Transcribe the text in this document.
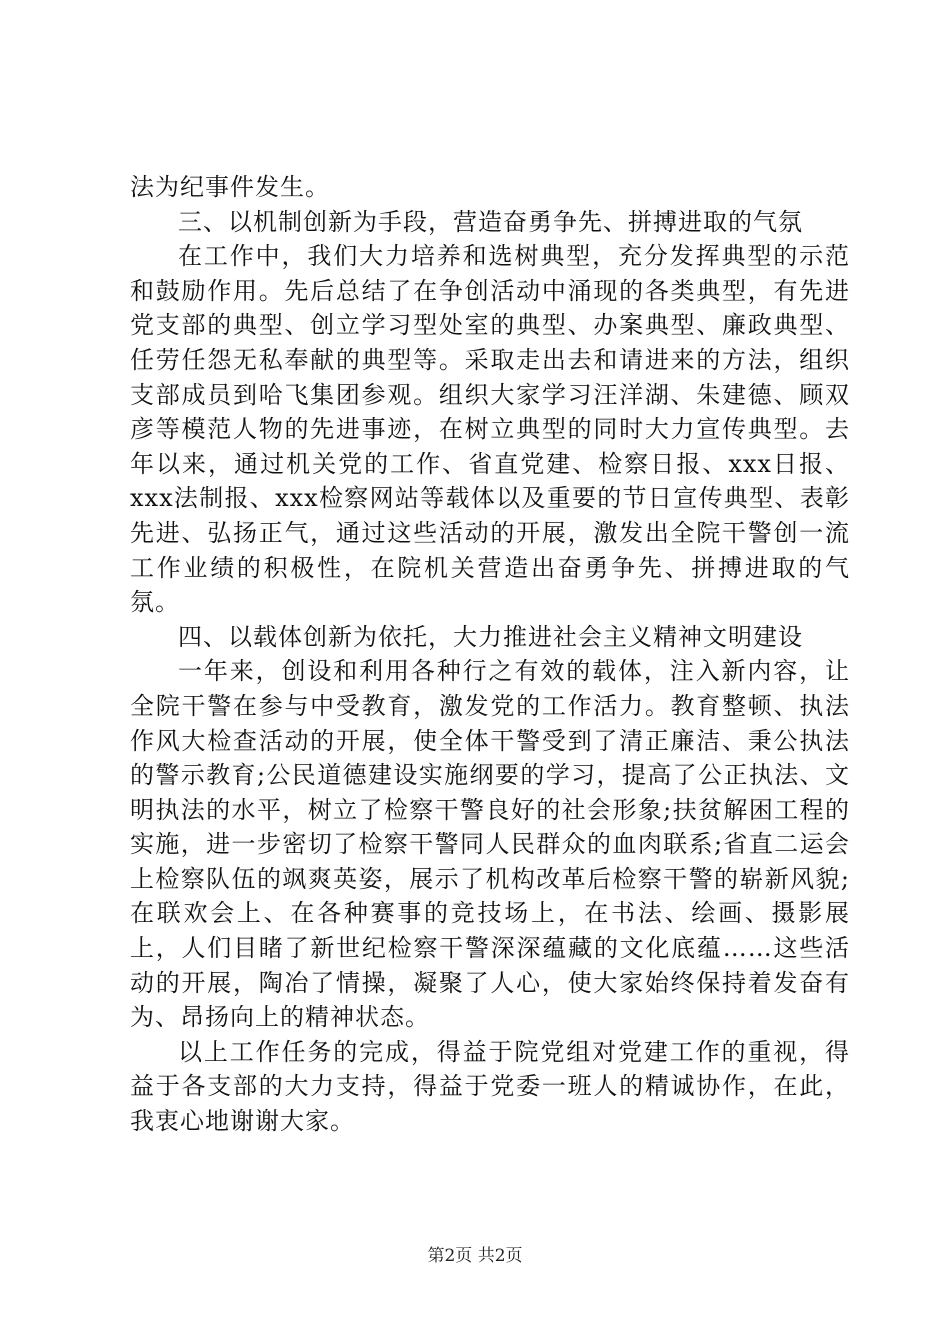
法为纪事件发生。

三、以机制创新为手段，营造奋勇争先、拼搏进取的气氛

在工作中，我们大力培养和选树典型，充分发挥典型的示范和鼓励作用。先后总结了在争创活动中涌现的各类典型，有先进党支部的典型、创立学习型处室的典型、办案典型、廉政典型、任劳任怨无私奉献的典型等。采取走出去和请进来的方法，组织支部成员到哈飞集团参观。组织大家学习汪洋湖、朱建德、顾双彦等模范人物的先进事迹，在树立典型的同时大力宣传典型。去年以来，通过机关党的工作、省直党建、检察日报、xxx日报、xxx法制报、xxx检察网站等载体以及重要的节日宣传典型、表彰先进、弘扬正气，通过这些活动的开展，激发出全院干警创一流工作业绩的积极性，在院机关营造出奋勇争先、拼搏进取的气氛。

四、以载体创新为依托，大力推进社会主义精神文明建设

一年来，创设和利用各种行之有效的载体，注入新内容，让全院干警在参与中受教育，激发党的工作活力。教育整顿、执法作风大检查活动的开展，使全体干警受到了清正廉洁、秉公执法的警示教育;公民道德建设实施纲要的学习，提高了公正执法、文明执法的水平，树立了检察干警良好的社会形象;扶贫解困工程的实施，进一步密切了检察干警同人民群众的血肉联系;省直二运会上检察队伍的飒爽英姿，展示了机构改革后检察干警的崭新风貌;在联欢会上、在各种赛事的竞技场上，在书法、绘画、摄影展上，人们目睹了新世纪检察干警深深蕴藏的文化底蕴……这些活动的开展，陶冶了情操，凝聚了人心，使大家始终保持着发奋有为、昂扬向上的精神状态。

以上工作任务的完成，得益于院党组对党建工作的重视，得益于各支部的大力支持，得益于党委一班人的精诚协作，在此，我衷心地谢谢大家。

第2页 共2页
